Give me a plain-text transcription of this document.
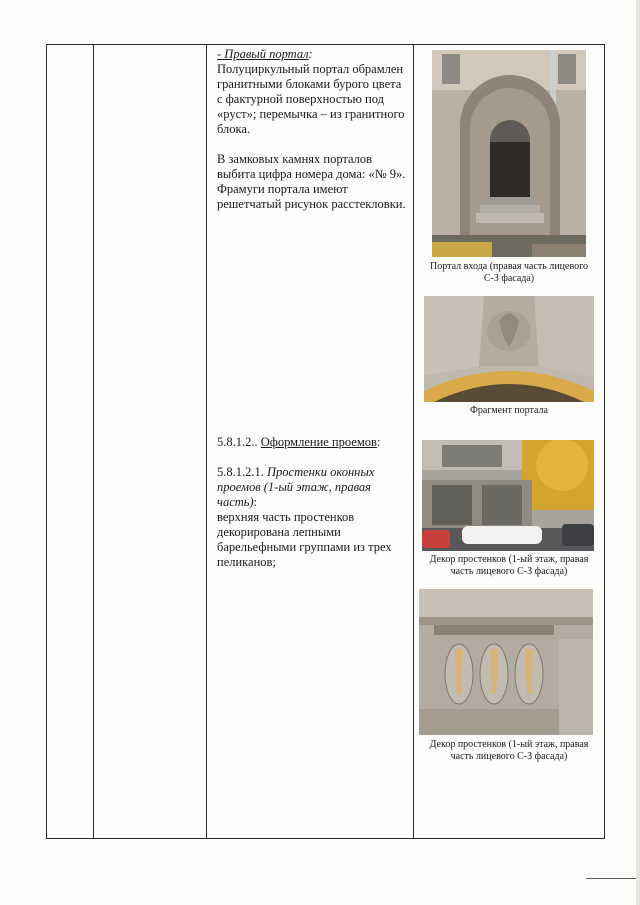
- Правый портал:

Полуциркульный портал обрамлен

гранитными блоками бурого цвета

с фактурной поверхностью под

«руст»; перемычка – из гранитного

блока.

В замковых камнях порталов

выбита цифра номера дома: «№ 9».

Фрамуги портала имеют

решетчатый рисунок расстекловки.

5.8.1.2.. Оформление проемов:

5.8.1.2.1. Простенки оконных

проемов (1-ый этаж, правая

часть):

верхняя часть простенков

декорирована лепными

барельефными группами из трех

пеликанов;

Портал входа (правая часть лицевого
С-З фасада)
Фрагмент портала
Декор простенков (1-ый этаж, правая
часть лицевого С-З фасада)
Декор простенков (1-ый этаж, правая
часть лицевого С-З фасада)
